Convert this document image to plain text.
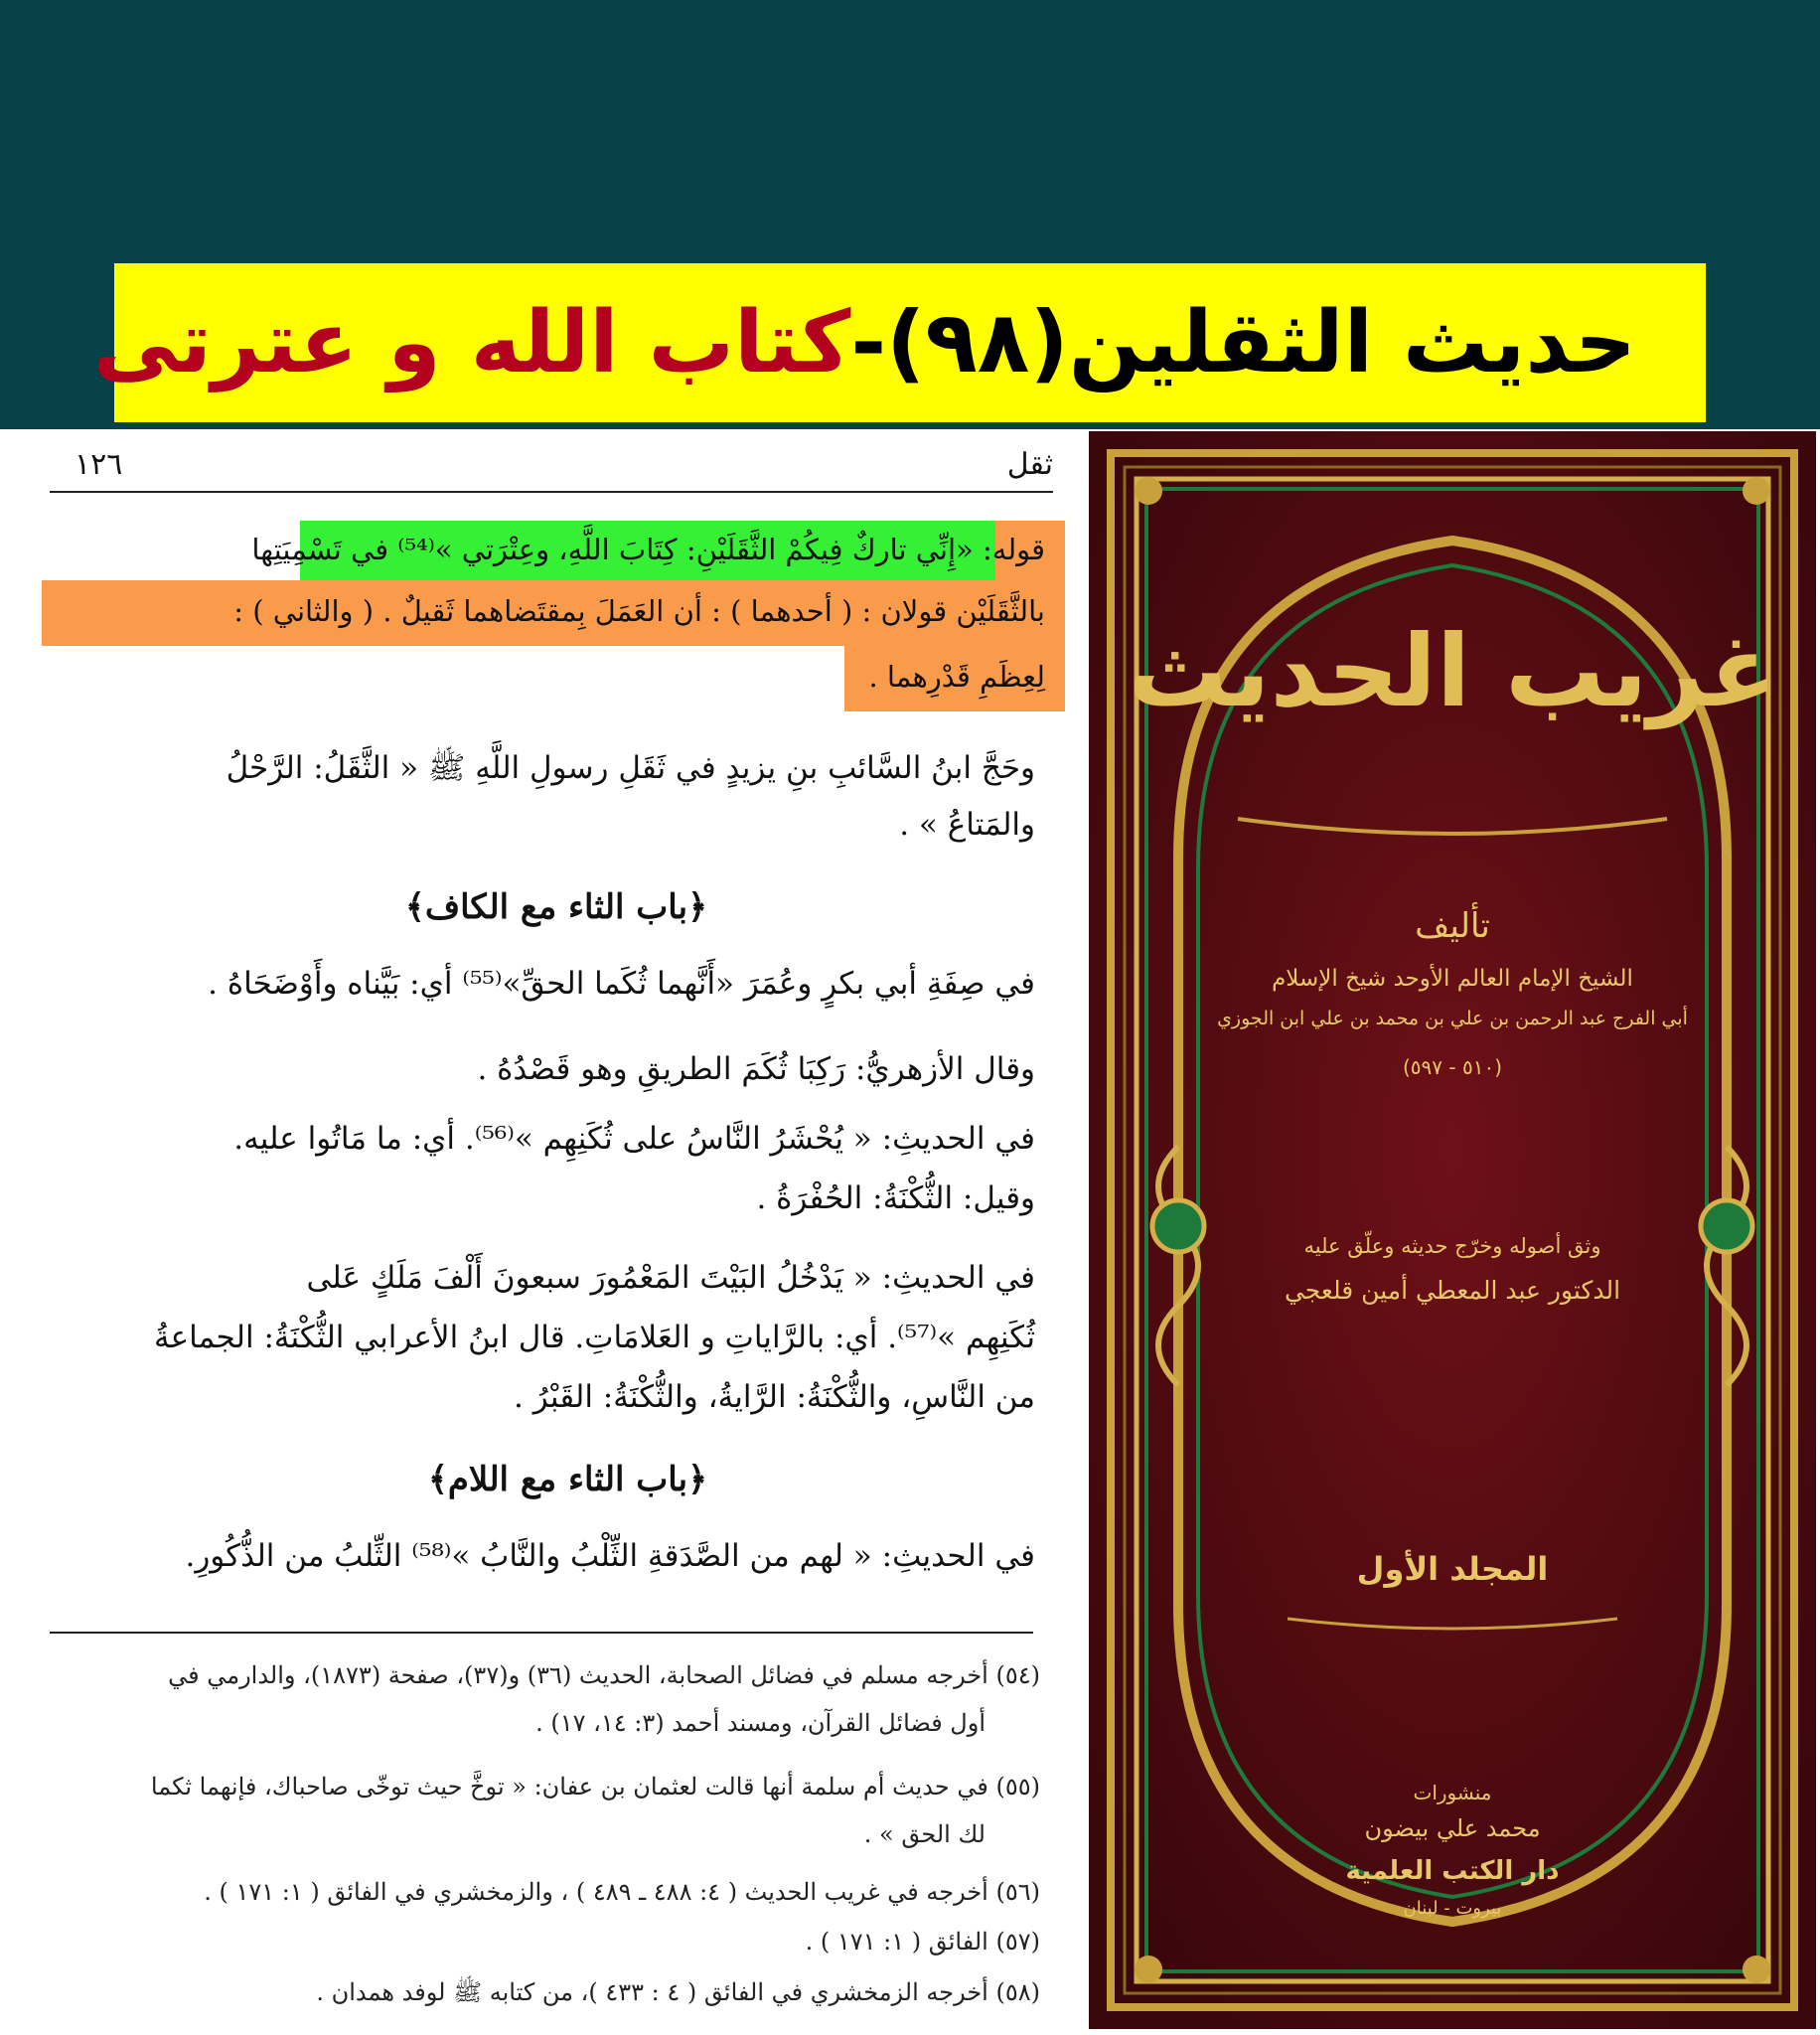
حديث الثقلين(٩٨)-كتاب الله و عترتی
ثقل
١٢٦
قوله: «إِنِّي تاركٌ فِيكُمْ الثَّقَلَيْنِ: كِتَابَ اللَّهِ، وعِتْرَتي »⁽⁵⁴⁾ في تَسْمِيَتِها
بالثَّقَلَيْن قولان : ( أحدهما ) : أن العَمَلَ بِمقتَضاهما ثَقيلٌ . ( والثاني ) :
لِعِظَمِ قَدْرِهما .
وحَجَّ ابنُ السَّائبِ بنِ يزيدٍ في ثَقَلِ رسولِ اللَّهِ ﷺ « الثَّقَلُ: الرَّحْلُ
والمَتاعُ » .
﴿باب الثاء مع الكاف﴾
في صِفَةِ أبي بكرٍ وعُمَرَ «أَنَّهما ثُكَما الحقِّ»⁽⁵⁵⁾ أي: بَيَّناه وأَوْضَحَاهُ .
وقال الأزهريُّ: رَكِبَا ثُكَمَ الطريقِ وهو قَصْدُهُ .
في الحديثِ: « يُحْشَرُ النَّاسُ على ثُكَنِهِم »⁽⁵⁶⁾. أي: ما مَاتُوا عليه.
وقيل: الثُّكْنَةُ: الحُفْرَةُ .
في الحديثِ: « يَدْخُلُ البَيْتَ المَعْمُورَ سبعونَ أَلْفَ مَلَكٍ عَلى
ثُكَنِهِم »⁽⁵⁷⁾. أي: بالرَّاياتِ و العَلامَاتِ. قال ابنُ الأعرابي الثُّكْنَةُ: الجماعةُ
من النَّاسِ، والثُّكْنَةُ: الرَّايةُ، والثُّكْنَةُ: القَبْرُ .
﴿باب الثاء مع اللام﴾
في الحديثِ: « لهم من الصَّدَقةِ الثِّلْبُ والنَّابُ »⁽⁵⁸⁾ الثِّلبُ من الذُّكُورِ.
(٥٤) أخرجه مسلم في فضائل الصحابة، الحديث (٣٦) و(٣٧)، صفحة (١٨٧٣)، والدارمي في
أول فضائل القرآن، ومسند أحمد (٣: ١٤، ١٧) .
(٥٥) في حديث أم سلمة أنها قالت لعثمان بن عفان: « توخَّ حيث توخّى صاحباك، فإنهما ثكما
لك الحق » .
(٥٦) أخرجه في غريب الحديث ( ٤: ٤٨٨ ـ ٤٨٩ ) ، والزمخشري في الفائق ( ١: ١٧١ ) .
(٥٧) الفائق ( ١: ١٧١ ) .
(٥٨) أخرجه الزمخشري في الفائق ( ٤ : ٤٣٣ )، من كتابه ﷺ لوفد همدان .
غريب الحديث
تأليف
الشيخ الإمام العالم الأوحد شيخ الإسلام
أبي الفرج عبد الرحمن بن علي بن محمد بن علي ابن الجوزي
(٥١٠ - ٥٩٧)
وثق أصوله وخرّج حديثه وعلّق عليه
الدكتور عبد المعطي أمين قلعجي
المجلد الأول
منشورات
محمد علي بيضون
دار الكتب العلمية
بيروت - لبنان
